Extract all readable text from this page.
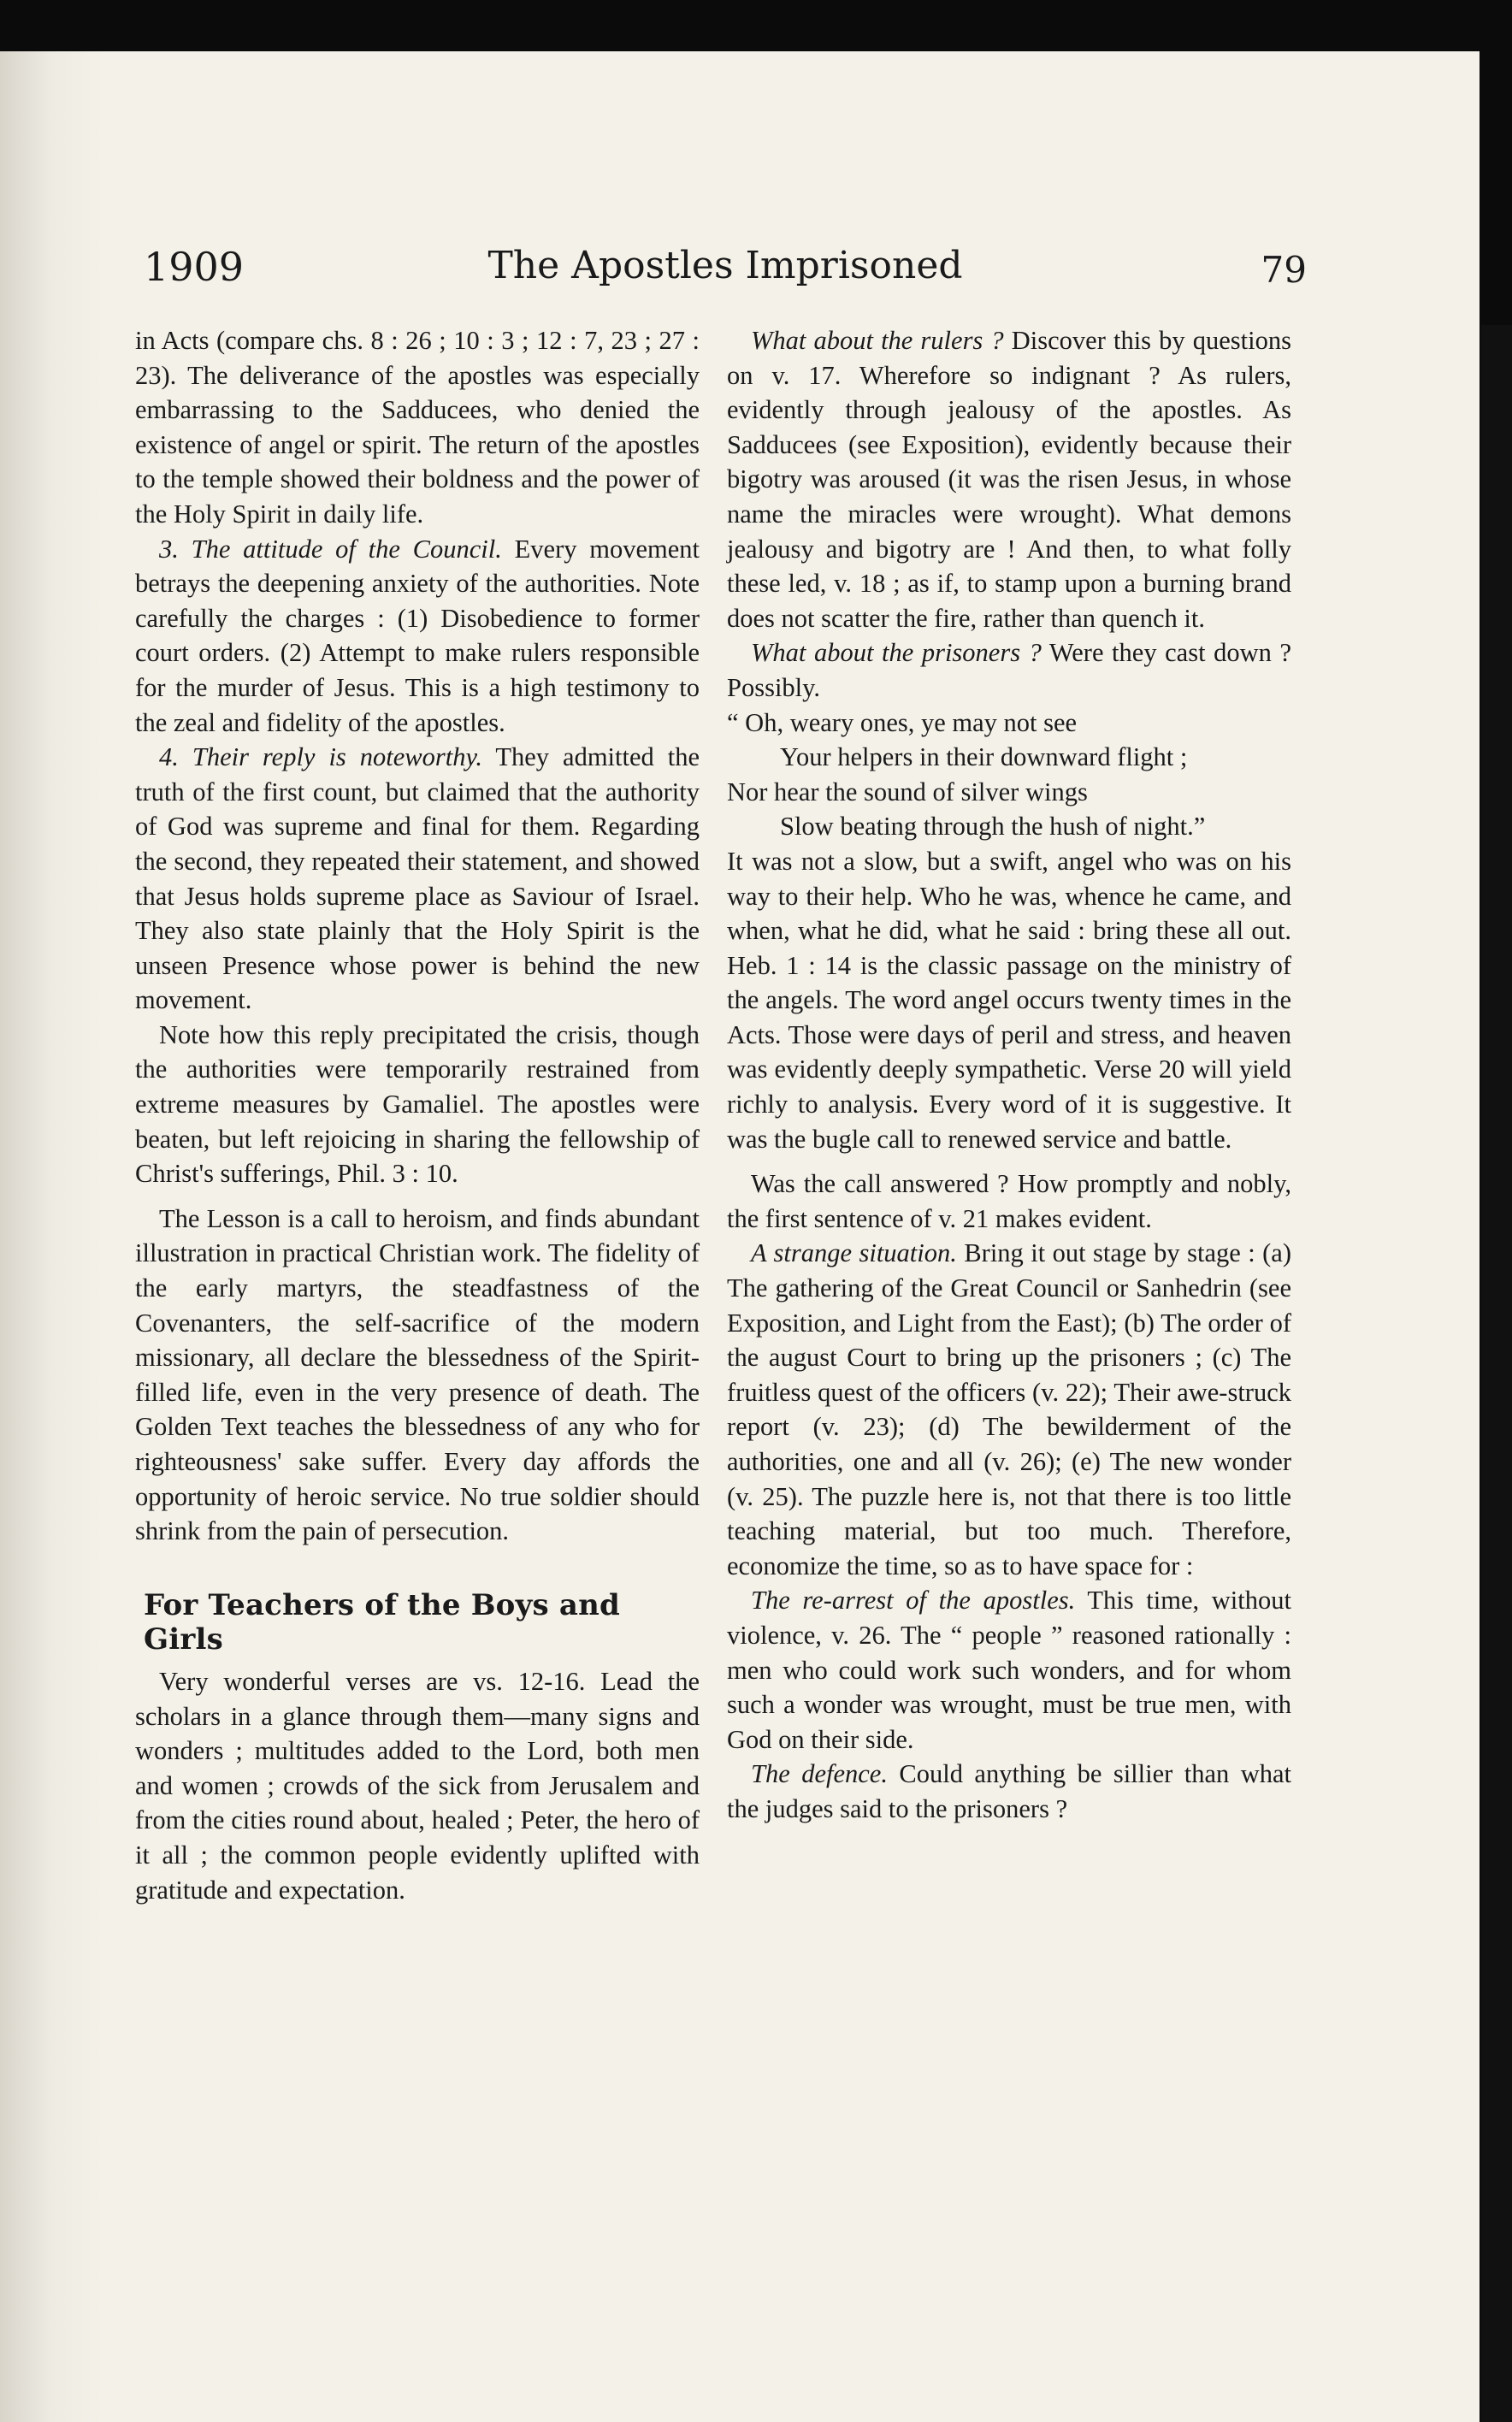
1909	The Apostles Imprisoned	79

in Acts (compare chs. 8 : 26 ; 10 : 3 ; 12 : 7, 23 ; 27 : 23). The deliverance of the apostles was especially embarrassing to the Sadducees, who denied the existence of angel or spirit. The return of the apostles to the temple showed their boldness and the power of the Holy Spirit in daily life.

3. The attitude of the Council. Every movement betrays the deepening anxiety of the authorities. Note carefully the charges : (1) Disobedience to former court orders. (2) Attempt to make rulers responsible for the murder of Jesus. This is a high testimony to the zeal and fidelity of the apostles.

4. Their reply is noteworthy. They admitted the truth of the first count, but claimed that the authority of God was supreme and final for them. Regarding the second, they repeated their statement, and showed that Jesus holds supreme place as Saviour of Israel. They also state plainly that the Holy Spirit is the unseen Presence whose power is behind the new movement.

Note how this reply precipitated the crisis, though the authorities were temporarily restrained from extreme measures by Gamaliel. The apostles were beaten, but left rejoicing in sharing the fellowship of Christ's sufferings, Phil. 3 : 10.

The Lesson is a call to heroism, and finds abundant illustration in practical Christian work. The fidelity of the early martyrs, the steadfastness of the Covenanters, the self-sacrifice of the modern missionary, all declare the blessedness of the Spirit-filled life, even in the very presence of death. The Golden Text teaches the blessedness of any who for righteousness' sake suffer. Every day affords the opportunity of heroic service. No true soldier should shrink from the pain of persecution.

For Teachers of the Boys and Girls

Very wonderful verses are vs. 12-16. Lead the scholars in a glance through them—many signs and wonders ; multitudes added to the Lord, both men and women ; crowds of the sick from Jerusalem and from the cities round about, healed ; Peter, the hero of it all ; the common people evidently uplifted with gratitude and expectation.

What about the rulers ? Discover this by questions on v. 17. Wherefore so indignant ? As rulers, evidently through jealousy of the apostles. As Sadducees (see Exposition), evidently because their bigotry was aroused (it was the risen Jesus, in whose name the miracles were wrought). What demons jealousy and bigotry are ! And then, to what folly these led, v. 18 ; as if, to stamp upon a burning brand does not scatter the fire, rather than quench it.

What about the prisoners ? Were they cast down ? Possibly.

“ Oh, weary ones, ye may not see
Your helpers in their downward flight ;
Nor hear the sound of silver wings
Slow beating through the hush of night.”

It was not a slow, but a swift, angel who was on his way to their help. Who he was, whence he came, and when, what he did, what he said : bring these all out. Heb. 1 : 14 is the classic passage on the ministry of the angels. The word angel occurs twenty times in the Acts. Those were days of peril and stress, and heaven was evidently deeply sympathetic. Verse 20 will yield richly to analysis. Every word of it is suggestive. It was the bugle call to renewed service and battle.

Was the call answered ? How promptly and nobly, the first sentence of v. 21 makes evident.

A strange situation. Bring it out stage by stage : (a) The gathering of the Great Council or Sanhedrin (see Exposition, and Light from the East); (b) The order of the august Court to bring up the prisoners ; (c) The fruitless quest of the officers (v. 22); Their awe-struck report (v. 23); (d) The bewilderment of the authorities, one and all (v. 26); (e) The new wonder (v. 25). The puzzle here is, not that there is too little teaching material, but too much. Therefore, economize the time, so as to have space for :

The re-arrest of the apostles. This time, without violence, v. 26. The “ people ” reasoned rationally : men who could work such wonders, and for whom such a wonder was wrought, must be true men, with God on their side.

The defence. Could anything be sillier than what the judges said to the prisoners ?
